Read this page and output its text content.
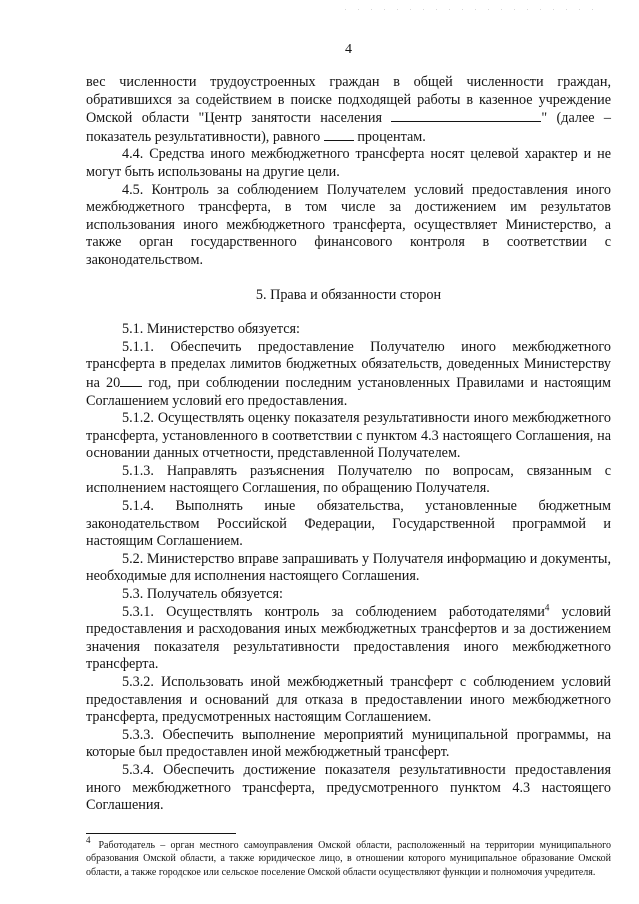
4

вес численности трудоустроенных граждан в общей численности граждан, обратившихся за содействием в поиске подходящей работы в казенное учреждение Омской области "Центр занятости населения	" (далее – показатель результативности), равного	процентам.

4.4. Средства иного межбюджетного трансферта носят целевой характер и не могут быть использованы на другие цели.

4.5. Контроль за соблюдением Получателем условий предоставления иного межбюджетного трансферта, в том числе за достижением им результатов использования иного межбюджетного трансферта, осуществляет Министерство, а также орган государственного финансового контроля в соответствии с законодательством.

5. Права и обязанности сторон

5.1. Министерство обязуется:

5.1.1. Обеспечить предоставление Получателю иного межбюджетного трансферта в пределах лимитов бюджетных обязательств, доведенных Министерству на 20 год, при соблюдении последним установленных Правилами и настоящим Соглашением условий его предоставления.

5.1.2. Осуществлять оценку показателя результативности иного межбюджетного трансферта, установленного в соответствии с пунктом 4.3 настоящего Соглашения, на основании данных отчетности, представленной Получателем.

5.1.3. Направлять разъяснения Получателю по вопросам, связанным с исполнением настоящего Соглашения, по обращению Получателя.

5.1.4. Выполнять иные обязательства, установленные бюджетным законодательством Российской Федерации, Государственной программой и настоящим Соглашением.

5.2. Министерство вправе запрашивать у Получателя информацию и документы, необходимые для исполнения настоящего Соглашения.

5.3. Получатель обязуется:

5.3.1. Осуществлять контроль за соблюдением работодателями$^4$ условий предоставления и расходования иных межбюджетных трансфертов и за достижением значения показателя результативности предоставления иного межбюджетного трансферта.

5.3.2. Использовать иной межбюджетный трансферт с соблюдением условий предоставления и оснований для отказа в предоставлении иного межбюджетного трансферта, предусмотренных настоящим Соглашением.

5.3.3. Обеспечить выполнение мероприятий муниципальной программы, на которые был предоставлен иной межбюджетный трансферт.

5.3.4. Обеспечить достижение показателя результативности предоставления иного межбюджетного трансферта, предусмотренного пунктом 4.3 настоящего Соглашения.

4 Работодатель – орган местного самоуправления Омской области, расположенный на территории муниципального образования Омской области, а также юридическое лицо, в отношении которого муниципальное образование Омской области, а также городское или сельское поселение Омской области осуществляют функции и полномочия учредителя.
